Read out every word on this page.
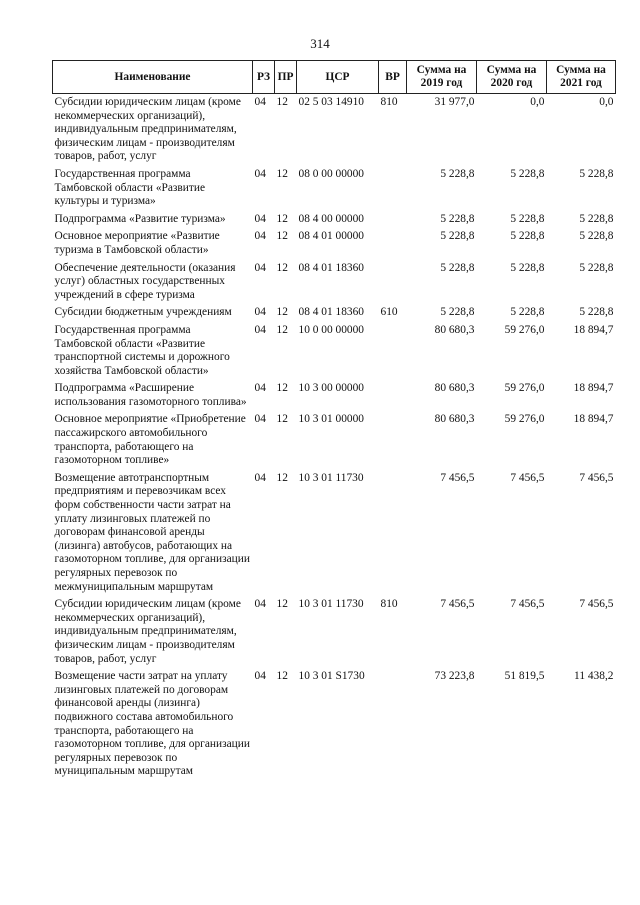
314
Наименование	РЗ	ПР	ЦСР	ВР	Сумма на 2019 год	Сумма на 2020 год	Сумма на 2021 год
Субсидии юридическим лицам (кроме некоммерческих организаций), индивидуальным предпринимателям, физическим лицам - производителям товаров, работ, услуг	04	12	02 5 03 14910	810	31 977,0	0,0	0,0
Государственная программа Тамбовской области «Развитие культуры и туризма»	04	12	08 0 00 00000		5 228,8	5 228,8	5 228,8
Подпрограмма «Развитие туризма»	04	12	08 4 00 00000		5 228,8	5 228,8	5 228,8
Основное мероприятие «Развитие туризма в Тамбовской области»	04	12	08 4 01 00000		5 228,8	5 228,8	5 228,8
Обеспечение деятельности (оказания услуг) областных государственных учреждений в сфере туризма	04	12	08 4 01 18360		5 228,8	5 228,8	5 228,8
Субсидии бюджетным учреждениям	04	12	08 4 01 18360	610	5 228,8	5 228,8	5 228,8
Государственная программа Тамбовской области «Развитие транспортной системы и дорожного хозяйства Тамбовской области»	04	12	10 0 00 00000		80 680,3	59 276,0	18 894,7
Подпрограмма «Расширение использования газомоторного топлива»	04	12	10 3 00 00000		80 680,3	59 276,0	18 894,7
Основное мероприятие «Приобретение пассажирского автомобильного транспорта, работающего на газомоторном топливе»	04	12	10 3 01 00000		80 680,3	59 276,0	18 894,7
Возмещение автотранспортным предприятиям и перевозчикам всех форм собственности части затрат на уплату лизинговых платежей по договорам финансовой аренды (лизинга) автобусов, работающих на газомоторном топливе, для организации регулярных перевозок по межмуниципальным маршрутам	04	12	10 3 01 11730		7 456,5	7 456,5	7 456,5
Субсидии юридическим лицам (кроме некоммерческих организаций), индивидуальным предпринимателям, физическим лицам - производителям товаров, работ, услуг	04	12	10 3 01 11730	810	7 456,5	7 456,5	7 456,5
Возмещение части затрат на уплату лизинговых платежей по договорам финансовой аренды (лизинга) подвижного состава автомобильного транспорта, работающего на газомоторном топливе, для организации регулярных перевозок по муниципальным маршрутам	04	12	10 3 01 S1730		73 223,8	51 819,5	11 438,2
